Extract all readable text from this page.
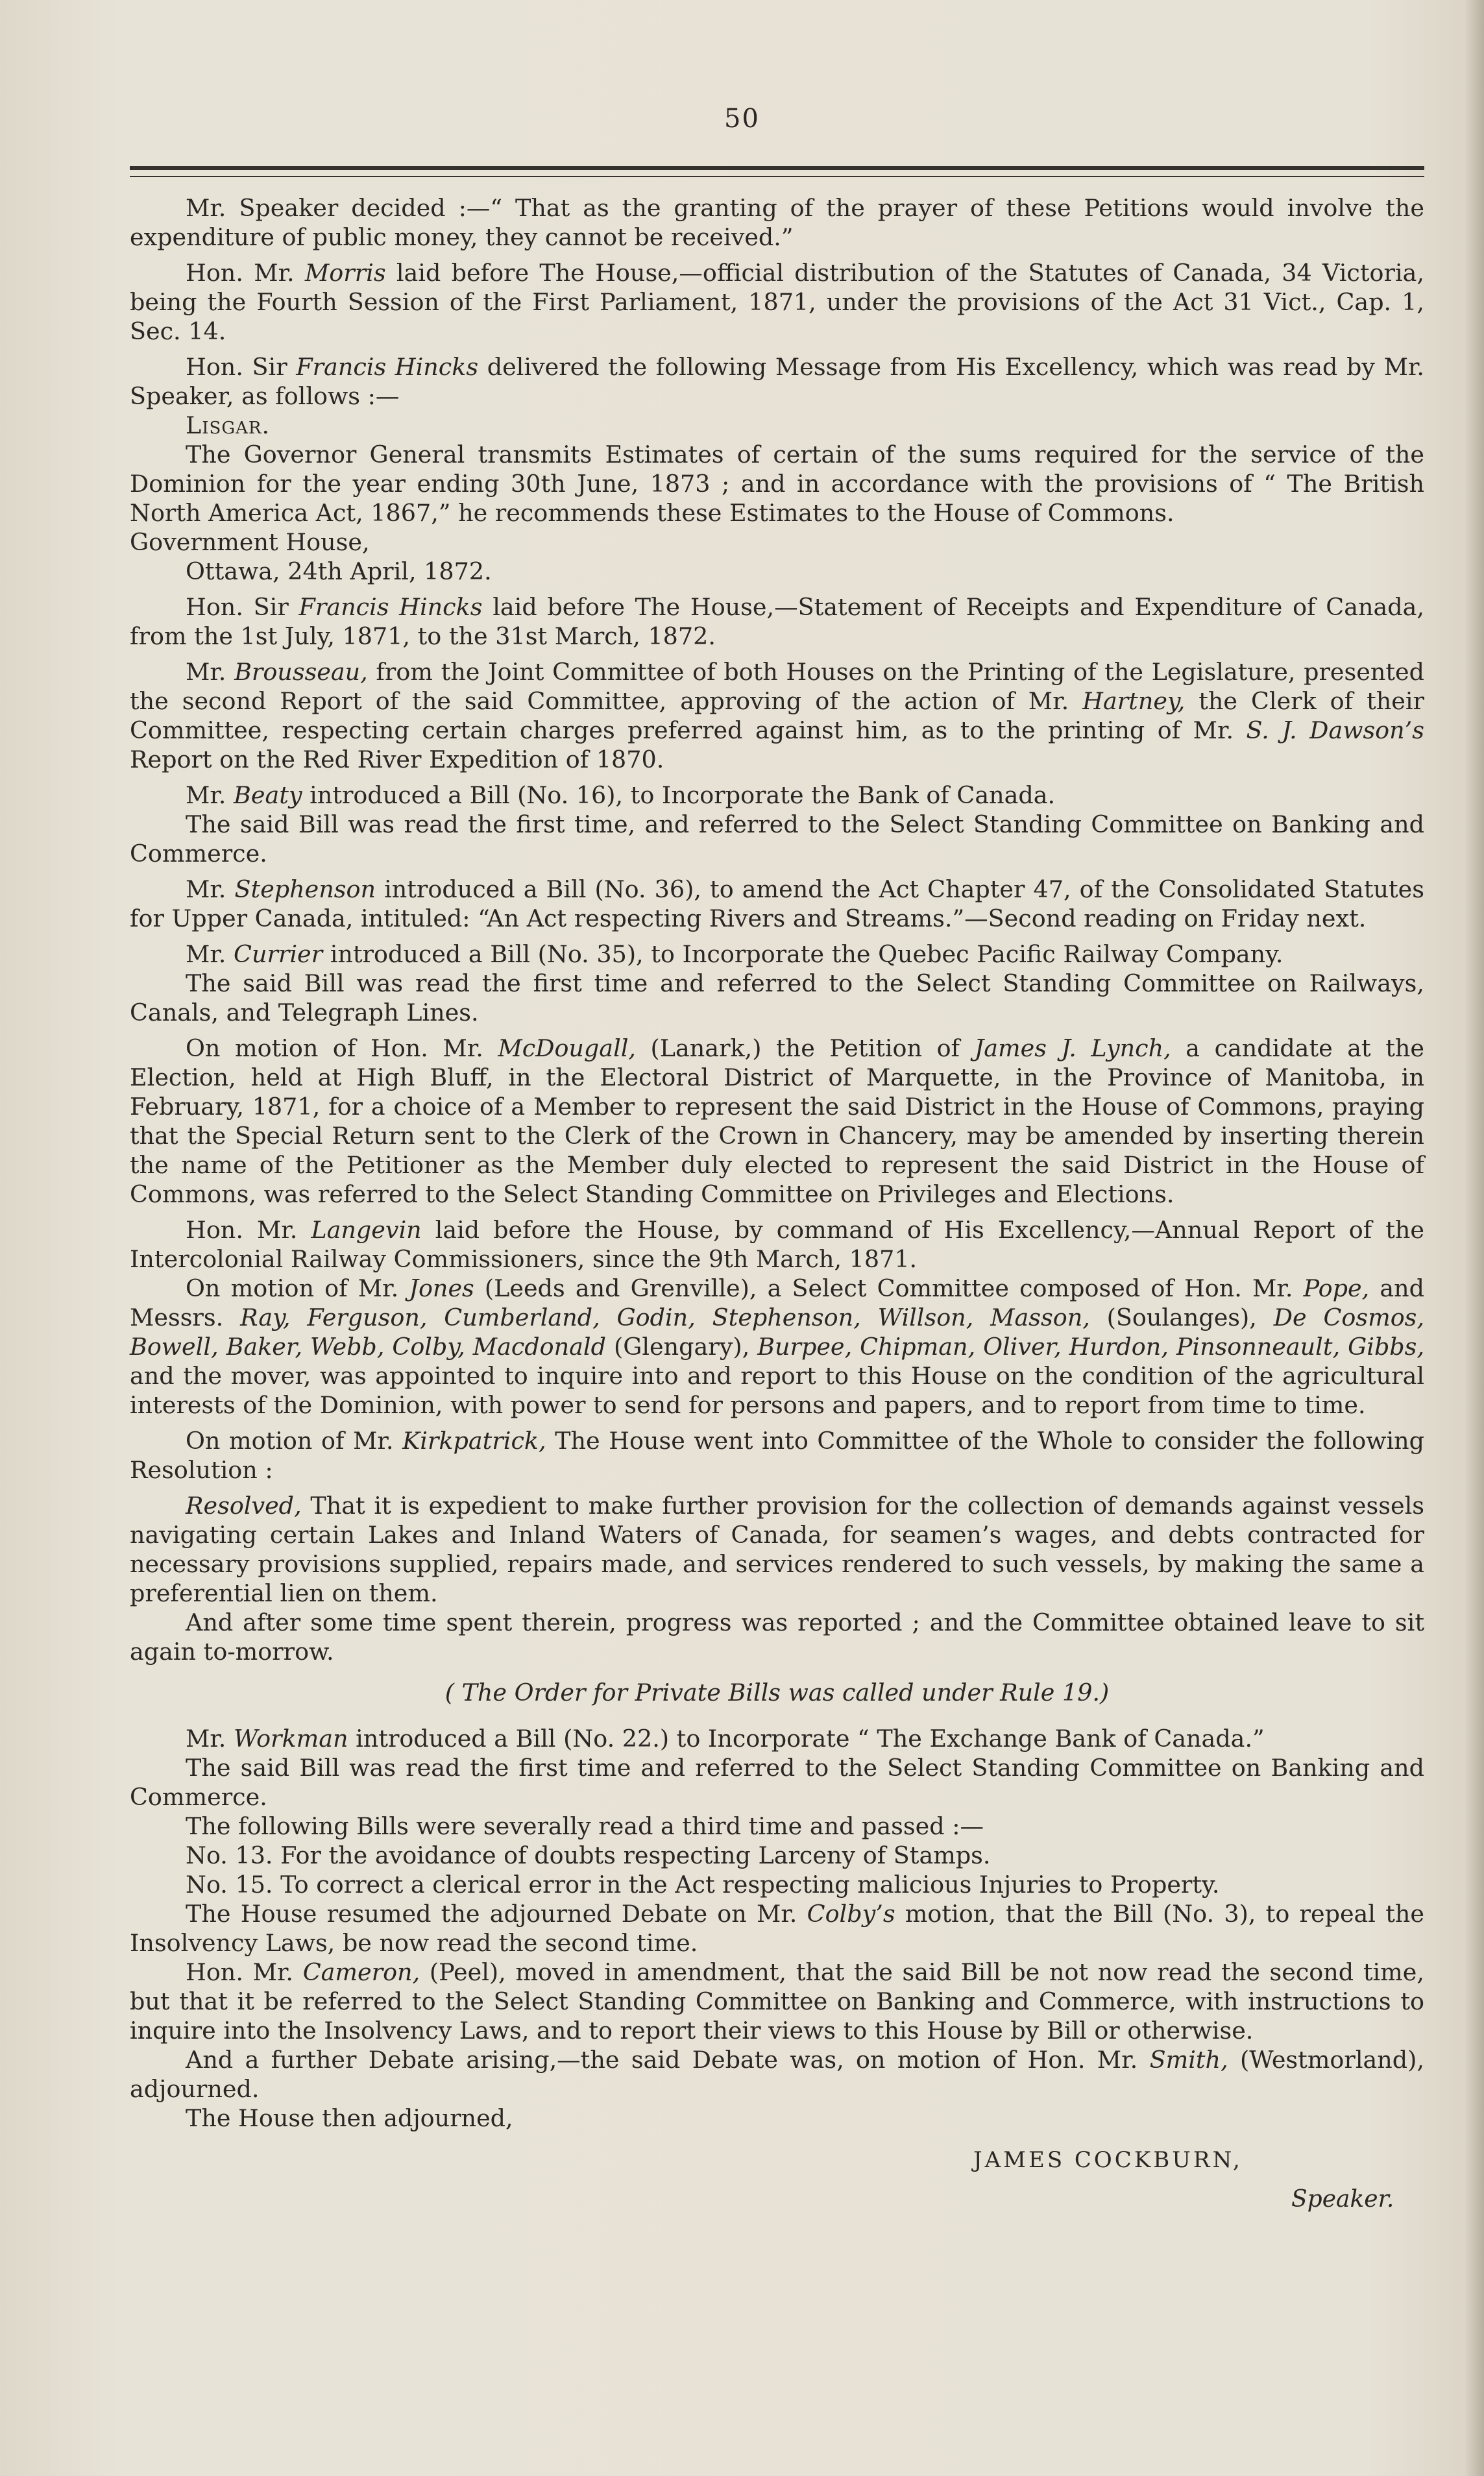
50

Mr. Speaker decided :—“ That as the granting of the prayer of these Petitions would involve the expenditure of public money, they cannot be received.”

Hon. Mr. Morris laid before The House,—official distribution of the Statutes of Canada, 34 Victoria, being the Fourth Session of the First Parliament, 1871, under the provisions of the Act 31 Vict., Cap. 1, Sec. 14.

Hon. Sir Francis Hincks delivered the following Message from His Excellency, which was read by Mr. Speaker, as follows :—

Lisgar.

The Governor General transmits Estimates of certain of the sums required for the service of the Dominion for the year ending 30th June, 1873 ; and in accordance with the provisions of “ The British North America Act, 1867,” he recommends these Estimates to the House of Commons.

Government House,

Ottawa, 24th April, 1872.

Hon. Sir Francis Hincks laid before The House,—Statement of Receipts and Expenditure of Canada, from the 1st July, 1871, to the 31st March, 1872.

Mr. Brousseau, from the Joint Committee of both Houses on the Printing of the Legislature, presented the second Report of the said Committee, approving of the action of Mr. Hartney, the Clerk of their Committee, respecting certain charges preferred against him, as to the printing of Mr. S. J. Dawson’s Report on the Red River Expedition of 1870.

Mr. Beaty introduced a Bill (No. 16), to Incorporate the Bank of Canada.

The said Bill was read the first time, and referred to the Select Standing Committee on Banking and Commerce.

Mr. Stephenson introduced a Bill (No. 36), to amend the Act Chapter 47, of the Consolidated Statutes for Upper Canada, intituled: “An Act respecting Rivers and Streams.”—Second reading on Friday next.

Mr. Currier introduced a Bill (No. 35), to Incorporate the Quebec Pacific Railway Company.

The said Bill was read the first time and referred to the Select Standing Committee on Railways, Canals, and Telegraph Lines.

On motion of Hon. Mr. McDougall, (Lanark,) the Petition of James J. Lynch, a candidate at the Election, held at High Bluff, in the Electoral District of Marquette, in the Province of Manitoba, in February, 1871, for a choice of a Member to represent the said District in the House of Commons, praying that the Special Return sent to the Clerk of the Crown in Chancery, may be amended by inserting therein the name of the Petitioner as the Member duly elected to represent the said District in the House of Commons, was referred to the Select Standing Committee on Privileges and Elections.

Hon. Mr. Langevin laid before the House, by command of His Excellency,—Annual Report of the Intercolonial Railway Commissioners, since the 9th March, 1871.

On motion of Mr. Jones (Leeds and Grenville), a Select Committee composed of Hon. Mr. Pope, and Messrs. Ray, Ferguson, Cumberland, Godin, Stephenson, Willson, Masson, (Soulanges), De Cosmos, Bowell, Baker, Webb, Colby, Macdonald (Glengary), Burpee, Chipman, Oliver, Hurdon, Pinsonneault, Gibbs, and the mover, was appointed to inquire into and report to this House on the condition of the agricultural interests of the Dominion, with power to send for persons and papers, and to report from time to time.

On motion of Mr. Kirkpatrick, The House went into Committee of the Whole to consider the following Resolution :

Resolved, That it is expedient to make further provision for the collection of demands against vessels navigating certain Lakes and Inland Waters of Canada, for seamen’s wages, and debts contracted for necessary provisions supplied, repairs made, and services rendered to such vessels, by making the same a preferential lien on them.

And after some time spent therein, progress was reported ; and the Committee obtained leave to sit again to-morrow.

( The Order for Private Bills was called under Rule 19.)

Mr. Workman introduced a Bill (No. 22.) to Incorporate “ The Exchange Bank of Canada.”

The said Bill was read the first time and referred to the Select Standing Committee on Banking and Commerce.

The following Bills were severally read a third time and passed :—

No. 13. For the avoidance of doubts respecting Larceny of Stamps.

No. 15. To correct a clerical error in the Act respecting malicious Injuries to Property.

The House resumed the adjourned Debate on Mr. Colby’s motion, that the Bill (No. 3), to repeal the Insolvency Laws, be now read the second time.

Hon. Mr. Cameron, (Peel), moved in amendment, that the said Bill be not now read the second time, but that it be referred to the Select Standing Committee on Banking and Commerce, with instructions to inquire into the Insolvency Laws, and to report their views to this House by Bill or otherwise.

And a further Debate arising,—the said Debate was, on motion of Hon. Mr. Smith, (Westmorland), adjourned.

The House then adjourned,

JAMES COCKBURN,
Speaker.
